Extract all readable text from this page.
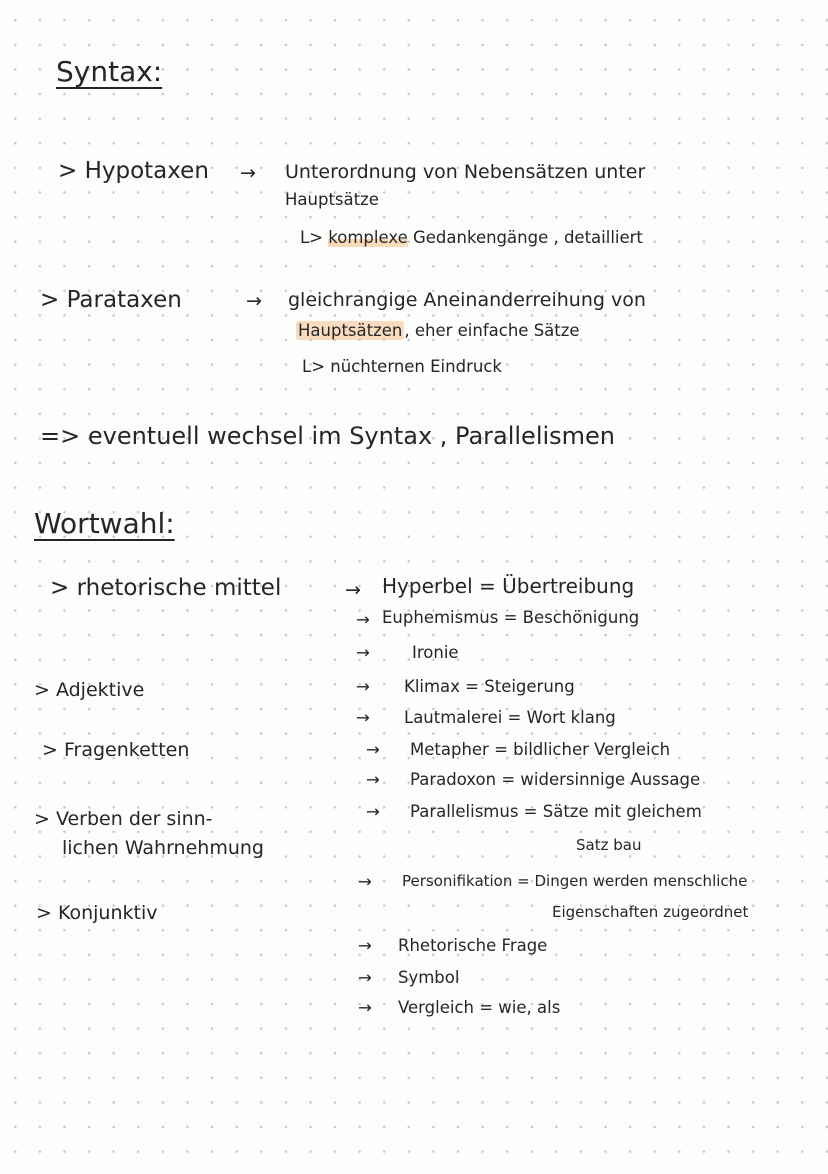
Syntax:
> Hypotaxen → Unterordnung von Nebensätzen unter
Hauptsätze
L> komplexe Gedankengänge , detailliert
> Parataxen	→ gleichrangige Aneinanderreihung von
Hauptsätzen , eher einfache Sätze
L> nüchternen Eindruck
=> eventuell wechsel im Syntax , Parallelismen
Wortwahl:
> rhetorische mittel
> Adjektive
> Fragenketten
> Verben der sinn-
lichen Wahrnehmung
> Konjunktiv
→ Hyperbel = Übertreibung
→ Euphemismus = Beschönigung
→	Ironie
→ Klimax = Steigerung
→ Lautmalerei = Wort klang
→ Metapher = bildlicher Vergleich
→ Paradoxon = widersinnige Aussage
→ Parallelismus = Sätze mit gleichem
Satz bau
→ Personifikation = Dingen werden menschliche
Eigenschaften zugeordnet
→ Rhetorische Frage
→ Symbol
→ Vergleich = wie, als
